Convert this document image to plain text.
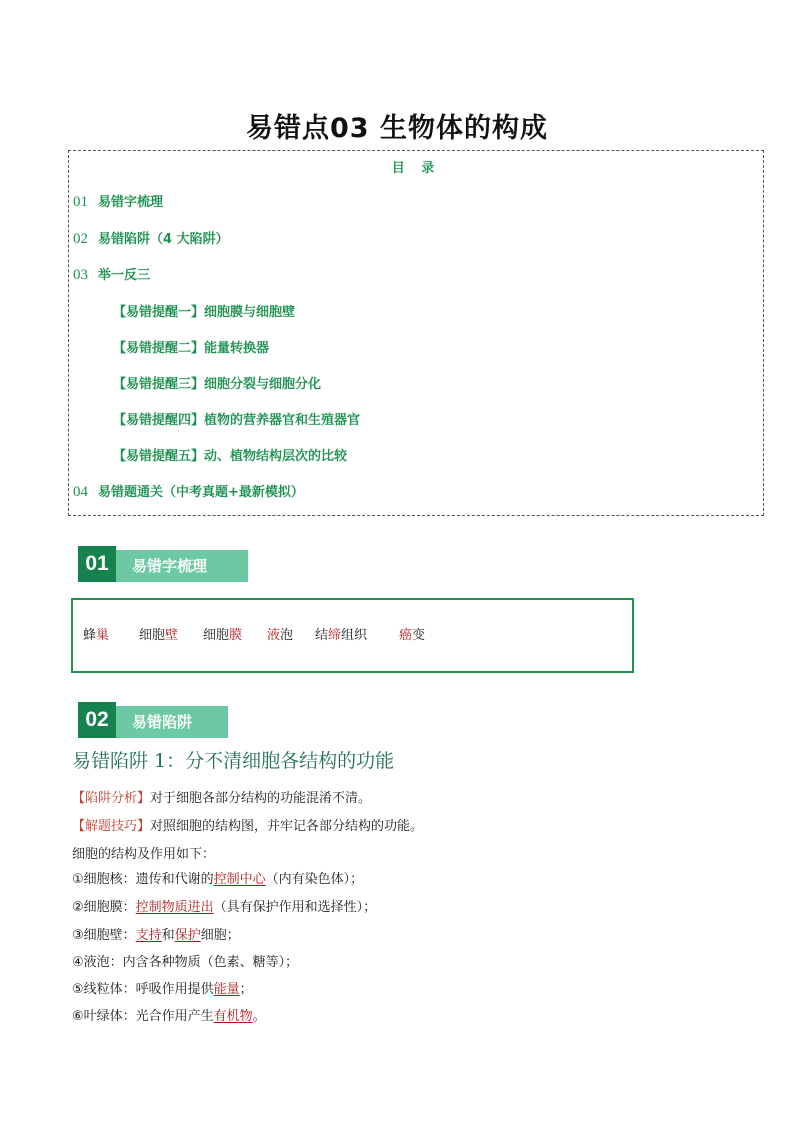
易错点03 生物体的构成
目 录
01 易错字梳理
02 易错陷阱（4 大陷阱）
03 举一反三
【易错提醒一】细胞膜与细胞壁
【易错提醒二】能量转换器
【易错提醒三】细胞分裂与细胞分化
【易错提醒四】植物的营养器官和生殖器官
【易错提醒五】动、植物结构层次的比较
04 易错题通关（中考真题+最新模拟）
易错字梳理
01
蜂巢 细胞壁 细胞膜 液泡 结缔组织 癌变
易错陷阱
02
易错陷阱 1：分不清细胞各结构的功能
【陷阱分析】对于细胞各部分结构的功能混淆不清。
【解题技巧】对照细胞的结构图，并牢记各部分结构的功能。
细胞的结构及作用如下：
①细胞核：遗传和代谢的控制中心（内有染色体）；
②细胞膜：控制物质进出（具有保护作用和选择性）；
③细胞壁：支持和保护细胞；
④液泡：内含各种物质（色素、糖等）；
⑤线粒体：呼吸作用提供能量；
⑥叶绿体：光合作用产生有机物。
